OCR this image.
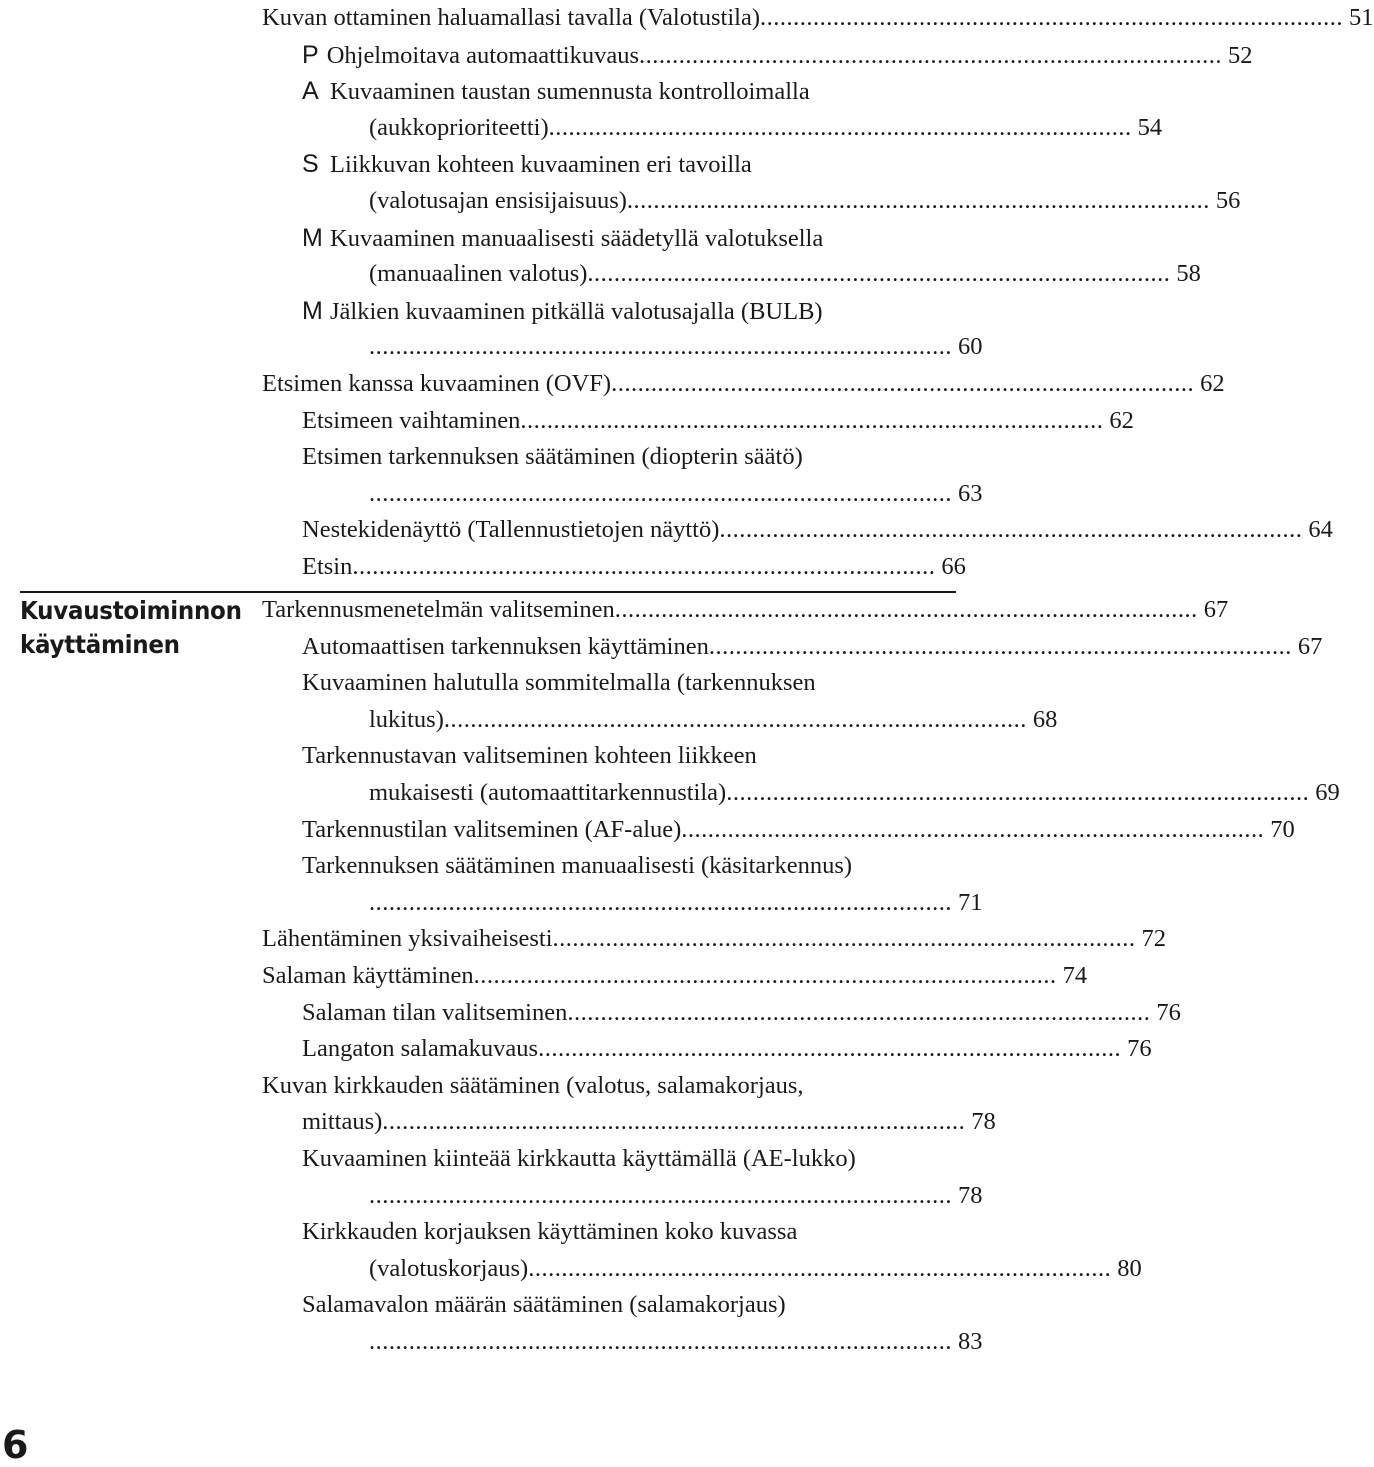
Kuvan ottaminen haluamallasi tavalla (Valotustila) ........................................................................................ 51
P Ohjelmoitava automaattikuvaus ........................................................................................ 52
A Kuvaaminen taustan sumennusta kontrolloimalla
(aukkoprioriteetti) ........................................................................................ 54
S Liikkuvan kohteen kuvaaminen eri tavoilla
(valotusajan ensisijaisuus) ........................................................................................ 56
M Kuvaaminen manuaalisesti säädetyllä valotuksella
(manuaalinen valotus) ........................................................................................ 58
M Jälkien kuvaaminen pitkällä valotusajalla (BULB)
........................................................................................ 60
Etsimen kanssa kuvaaminen (OVF) ........................................................................................ 62
Etsimeen vaihtaminen ........................................................................................ 62
Etsimen tarkennuksen säätäminen (diopterin säätö)
........................................................................................ 63
Nestekidenäyttö (Tallennustietojen näyttö) ........................................................................................ 64
Etsin ........................................................................................ 66
Kuvaustoiminnon
käyttäminen
Tarkennusmenetelmän valitseminen ........................................................................................ 67
Automaattisen tarkennuksen käyttäminen ........................................................................................ 67
Kuvaaminen halutulla sommitelmalla (tarkennuksen
lukitus) ........................................................................................ 68
Tarkennustavan valitseminen kohteen liikkeen
mukaisesti (automaattitarkennustila) ........................................................................................ 69
Tarkennustilan valitseminen (AF-alue) ........................................................................................ 70
Tarkennuksen säätäminen manuaalisesti (käsitarkennus)
........................................................................................ 71
Lähentäminen yksivaiheisesti ........................................................................................ 72
Salaman käyttäminen ........................................................................................ 74
Salaman tilan valitseminen ........................................................................................ 76
Langaton salamakuvaus ........................................................................................ 76
Kuvan kirkkauden säätäminen (valotus, salamakorjaus,
mittaus) ........................................................................................ 78
Kuvaaminen kiinteää kirkkautta käyttämällä (AE-lukko)
........................................................................................ 78
Kirkkauden korjauksen käyttäminen koko kuvassa
(valotuskorjaus) ........................................................................................ 80
Salamavalon määrän säätäminen (salamakorjaus)
........................................................................................ 83
6
